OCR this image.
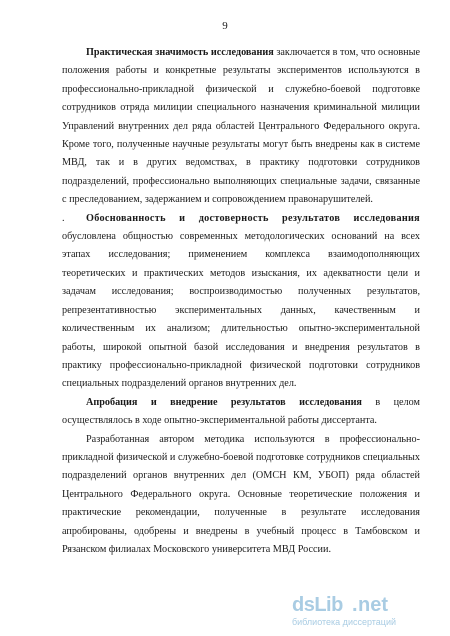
9

Практическая значимость исследования заключается в том, что основные положения работы и конкретные результаты экспериментов используются в профессионально-прикладной физической и служебно-боевой подготовке сотрудников отряда милиции специального назначения криминальной милиции Управлений внутренних дел ряда областей Центрального Федерального округа. Кроме того, полученные научные результаты могут быть внедрены как в системе МВД, так и в других ведомствах, в практику подготовки сотрудников подразделений, профессионально выполняющих специальные задачи, связанные с преследованием, задержанием и сопровождением правонарушителей.

.Обоснованность и достоверность результатов исследования обусловлена общностью современных методологических оснований на всех этапах исследования; применением комплекса взаимодополняющих теоретических и практических методов изыскания, их адекватности цели и задачам исследования; воспроизводимостью полученных результатов, репрезентативностью экспериментальных данных, качественным и количественным их анализом; длительностью опытно-экспериментальной работы, широкой опытной базой исследования и внедрения результатов в практику профессионально-прикладной физической подготовки сотрудников специальных подразделений органов внутренних дел.

Апробация и внедрение результатов исследования в целом осуществлялось в ходе опытно-экспериментальной работы диссертанта.

Разработанная автором методика используются в профессионально-прикладной физической и служебно-боевой подготовке сотрудников специальных подразделений органов внутренних дел (ОМСН КМ, УБОП) ряда областей Центрального Федерального округа. Основные теоретические положения и практические рекомендации, полученные в результате исследования апробированы, одобрены и внедрены в учебный процесс в Тамбовском и Рязанском филиалах Московского университета МВД России.

dsLib . net
библиотека диссертаций
